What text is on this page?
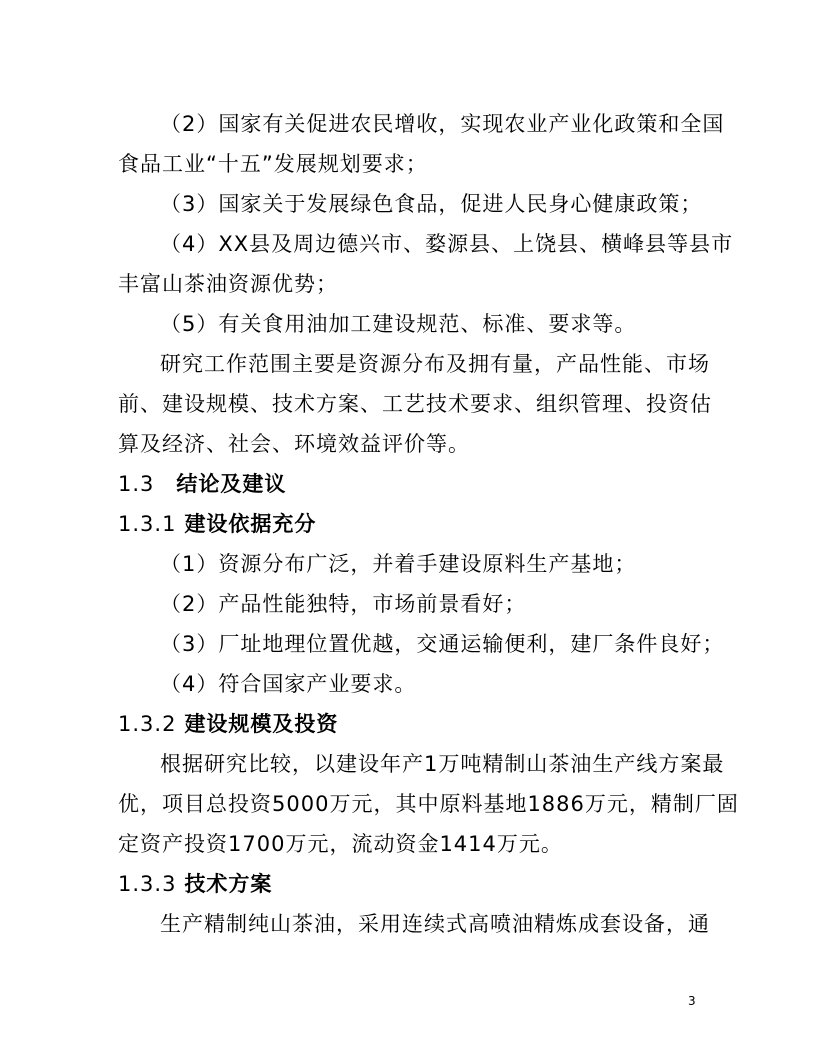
（2）国家有关促进农民增收，实现农业产业化政策和全国
食品工业“十五”发展规划要求；
（3）国家关于发展绿色食品，促进人民身心健康政策；
（4）XX县及周边德兴市、婺源县、上饶县、横峰县等县市
丰富山茶油资源优势；
（5）有关食用油加工建设规范、标准、要求等。
研究工作范围主要是资源分布及拥有量，产品性能、市场
前、建设规模、技术方案、工艺技术要求、组织管理、投资估
算及经济、社会、环境效益评价等。
1.3 结论及建议
1.3.1 建设依据充分
（1）资源分布广泛，并着手建设原料生产基地；
（2）产品性能独特，市场前景看好；
（3）厂址地理位置优越，交通运输便利，建厂条件良好；
（4）符合国家产业要求。
1.3.2 建设规模及投资
根据研究比较，以建设年产1万吨精制山茶油生产线方案最
优，项目总投资5000万元，其中原料基地1886万元，精制厂固
定资产投资1700万元，流动资金1414万元。
1.3.3 技术方案
生产精制纯山茶油，采用连续式高喷油精炼成套设备，通
3
